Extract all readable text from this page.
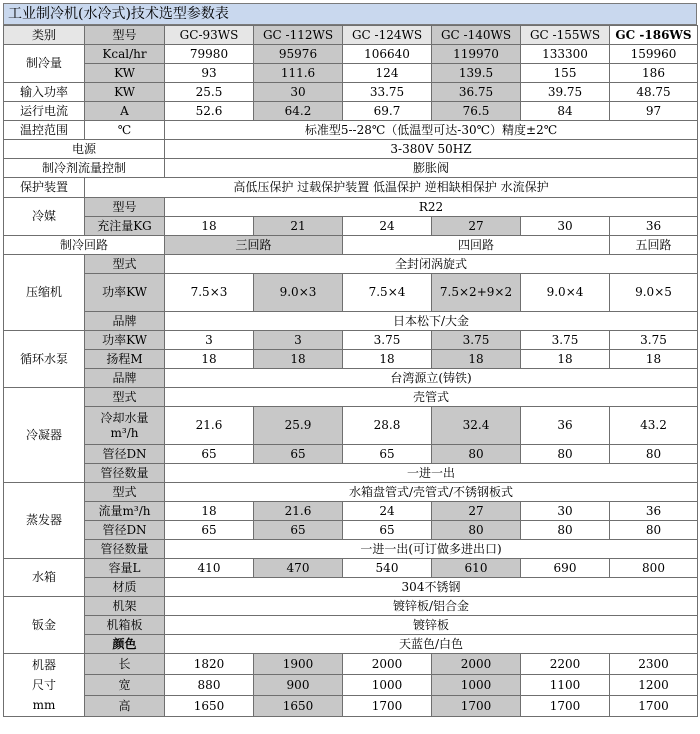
工业制冷机(水冷式)技术选型参数表
类别	型号	GC-93WS	GC -112WS	GC -124WS	GC -140WS	GC -155WS	GC -186WS
制冷量	Kcal/hr	79980	95976	106640	119970	133300	159960
	KW	93	111.6	124	139.5	155	186
输入功率	KW	25.5	30	33.75	36.75	39.75	48.75
运行电流	A	52.6	64.2	69.7	76.5	84	97
温控范围	℃	标准型5--28℃（低温型可达-30℃）精度±2℃					
电源		3-380V 50HZ					
制冷剂流量控制		膨胀阀					
保护装置	高低压保护 过载保护装置 低温保护 逆相缺相保护 水流保护						
冷媒	型号	R22					
	充注量KG	18	21	24	27	30	36
制冷回路		三回路		四回路			五回路
压缩机	型式	全封闭涡旋式					
	功率KW	7.5×3	9.0×3	7.5×4	7.5×2+9×2	9.0×4	9.0×5
	品牌	日本松下/大金					
循环水泵	功率KW	3	3	3.75	3.75	3.75	3.75
	扬程M	18	18	18	18	18	18
	品牌	台湾源立(铸铁)					
冷凝器	型式	壳管式					
	冷却水量m³/h	21.6	25.9	28.8	32.4	36	43.2
	管径DN	65	65	65	80	80	80
	管径数量	一进一出					
蒸发器	型式	水箱盘管式/壳管式/不锈钢板式					
	流量m³/h	18	21.6	24	27	30	36
	管径DN	65	65	65	80	80	80
	管径数量	一进一出(可订做多进出口)					
水箱	容量L	410	470	540	610	690	800
	材质	304不锈钢					
钣金	机架	镀锌板/铝合金					
	机箱板	镀锌板					
	颜色	天蓝色/白色					

机器
尺寸
mm	长	1820	1900	2000	2000	2200	2300
	宽	880	900	1000	1000	1100	1200
	高	1650	1650	1700	1700	1700	1700
